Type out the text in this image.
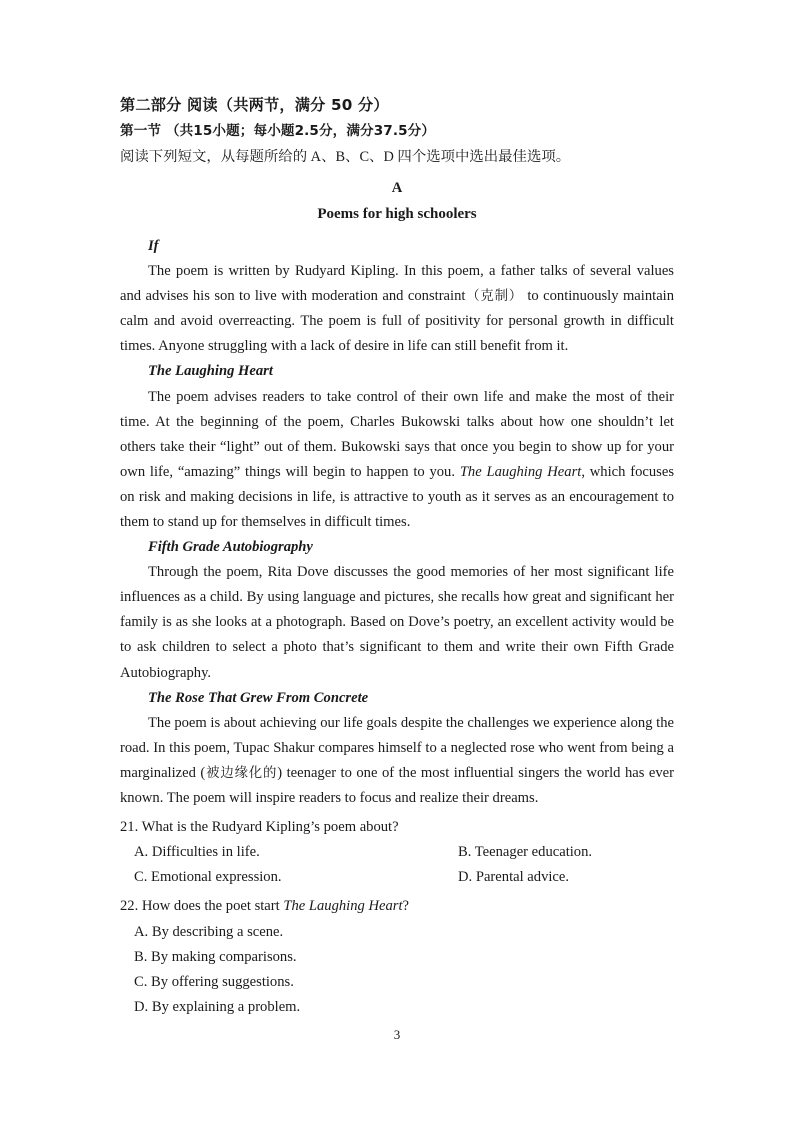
第二部分 阅读（共两节，满分 50 分）
第一节 （共15小题；每小题2.5分，满分37.5分）
阅读下列短文，从每题所给的 A、B、C、D 四个选项中选出最佳选项。
A
Poems for high schoolers
If

The poem is written by Rudyard Kipling. In this poem, a father talks of several values and advises his son to live with moderation and constraint（克制） to continuously maintain calm and avoid overreacting. The poem is full of positivity for personal growth in difficult times. Anyone struggling with a lack of desire in life can still benefit from it.

The Laughing Heart

The poem advises readers to take control of their own life and make the most of their time. At the beginning of the poem, Charles Bukowski talks about how one shouldn’t let others take their “light” out of them. Bukowski says that once you begin to show up for your own life, “amazing” things will begin to happen to you. The Laughing Heart, which focuses on risk and making decisions in life, is attractive to youth as it serves as an encouragement to them to stand up for themselves in difficult times.

Fifth Grade Autobiography

Through the poem, Rita Dove discusses the good memories of her most significant life influences as a child. By using language and pictures, she recalls how great and significant her family is as she looks at a photograph. Based on Dove’s poetry, an excellent activity would be to ask children to select a photo that’s significant to them and write their own Fifth Grade Autobiography.

The Rose That Grew From Concrete

The poem is about achieving our life goals despite the challenges we experience along the road. In this poem, Tupac Shakur compares himself to a neglected rose who went from being a marginalized (被边缘化的) teenager to one of the most influential singers the world has ever known. The poem will inspire readers to focus and realize their dreams.

21. What is the Rudyard Kipling’s poem about?
A. Difficulties in life.	B. Teenager education.
C. Emotional expression.	D. Parental advice.
22. How does the poet start The Laughing Heart?
A. By describing a scene.
B. By making comparisons.
C. By offering suggestions.
D. By explaining a problem.
3
